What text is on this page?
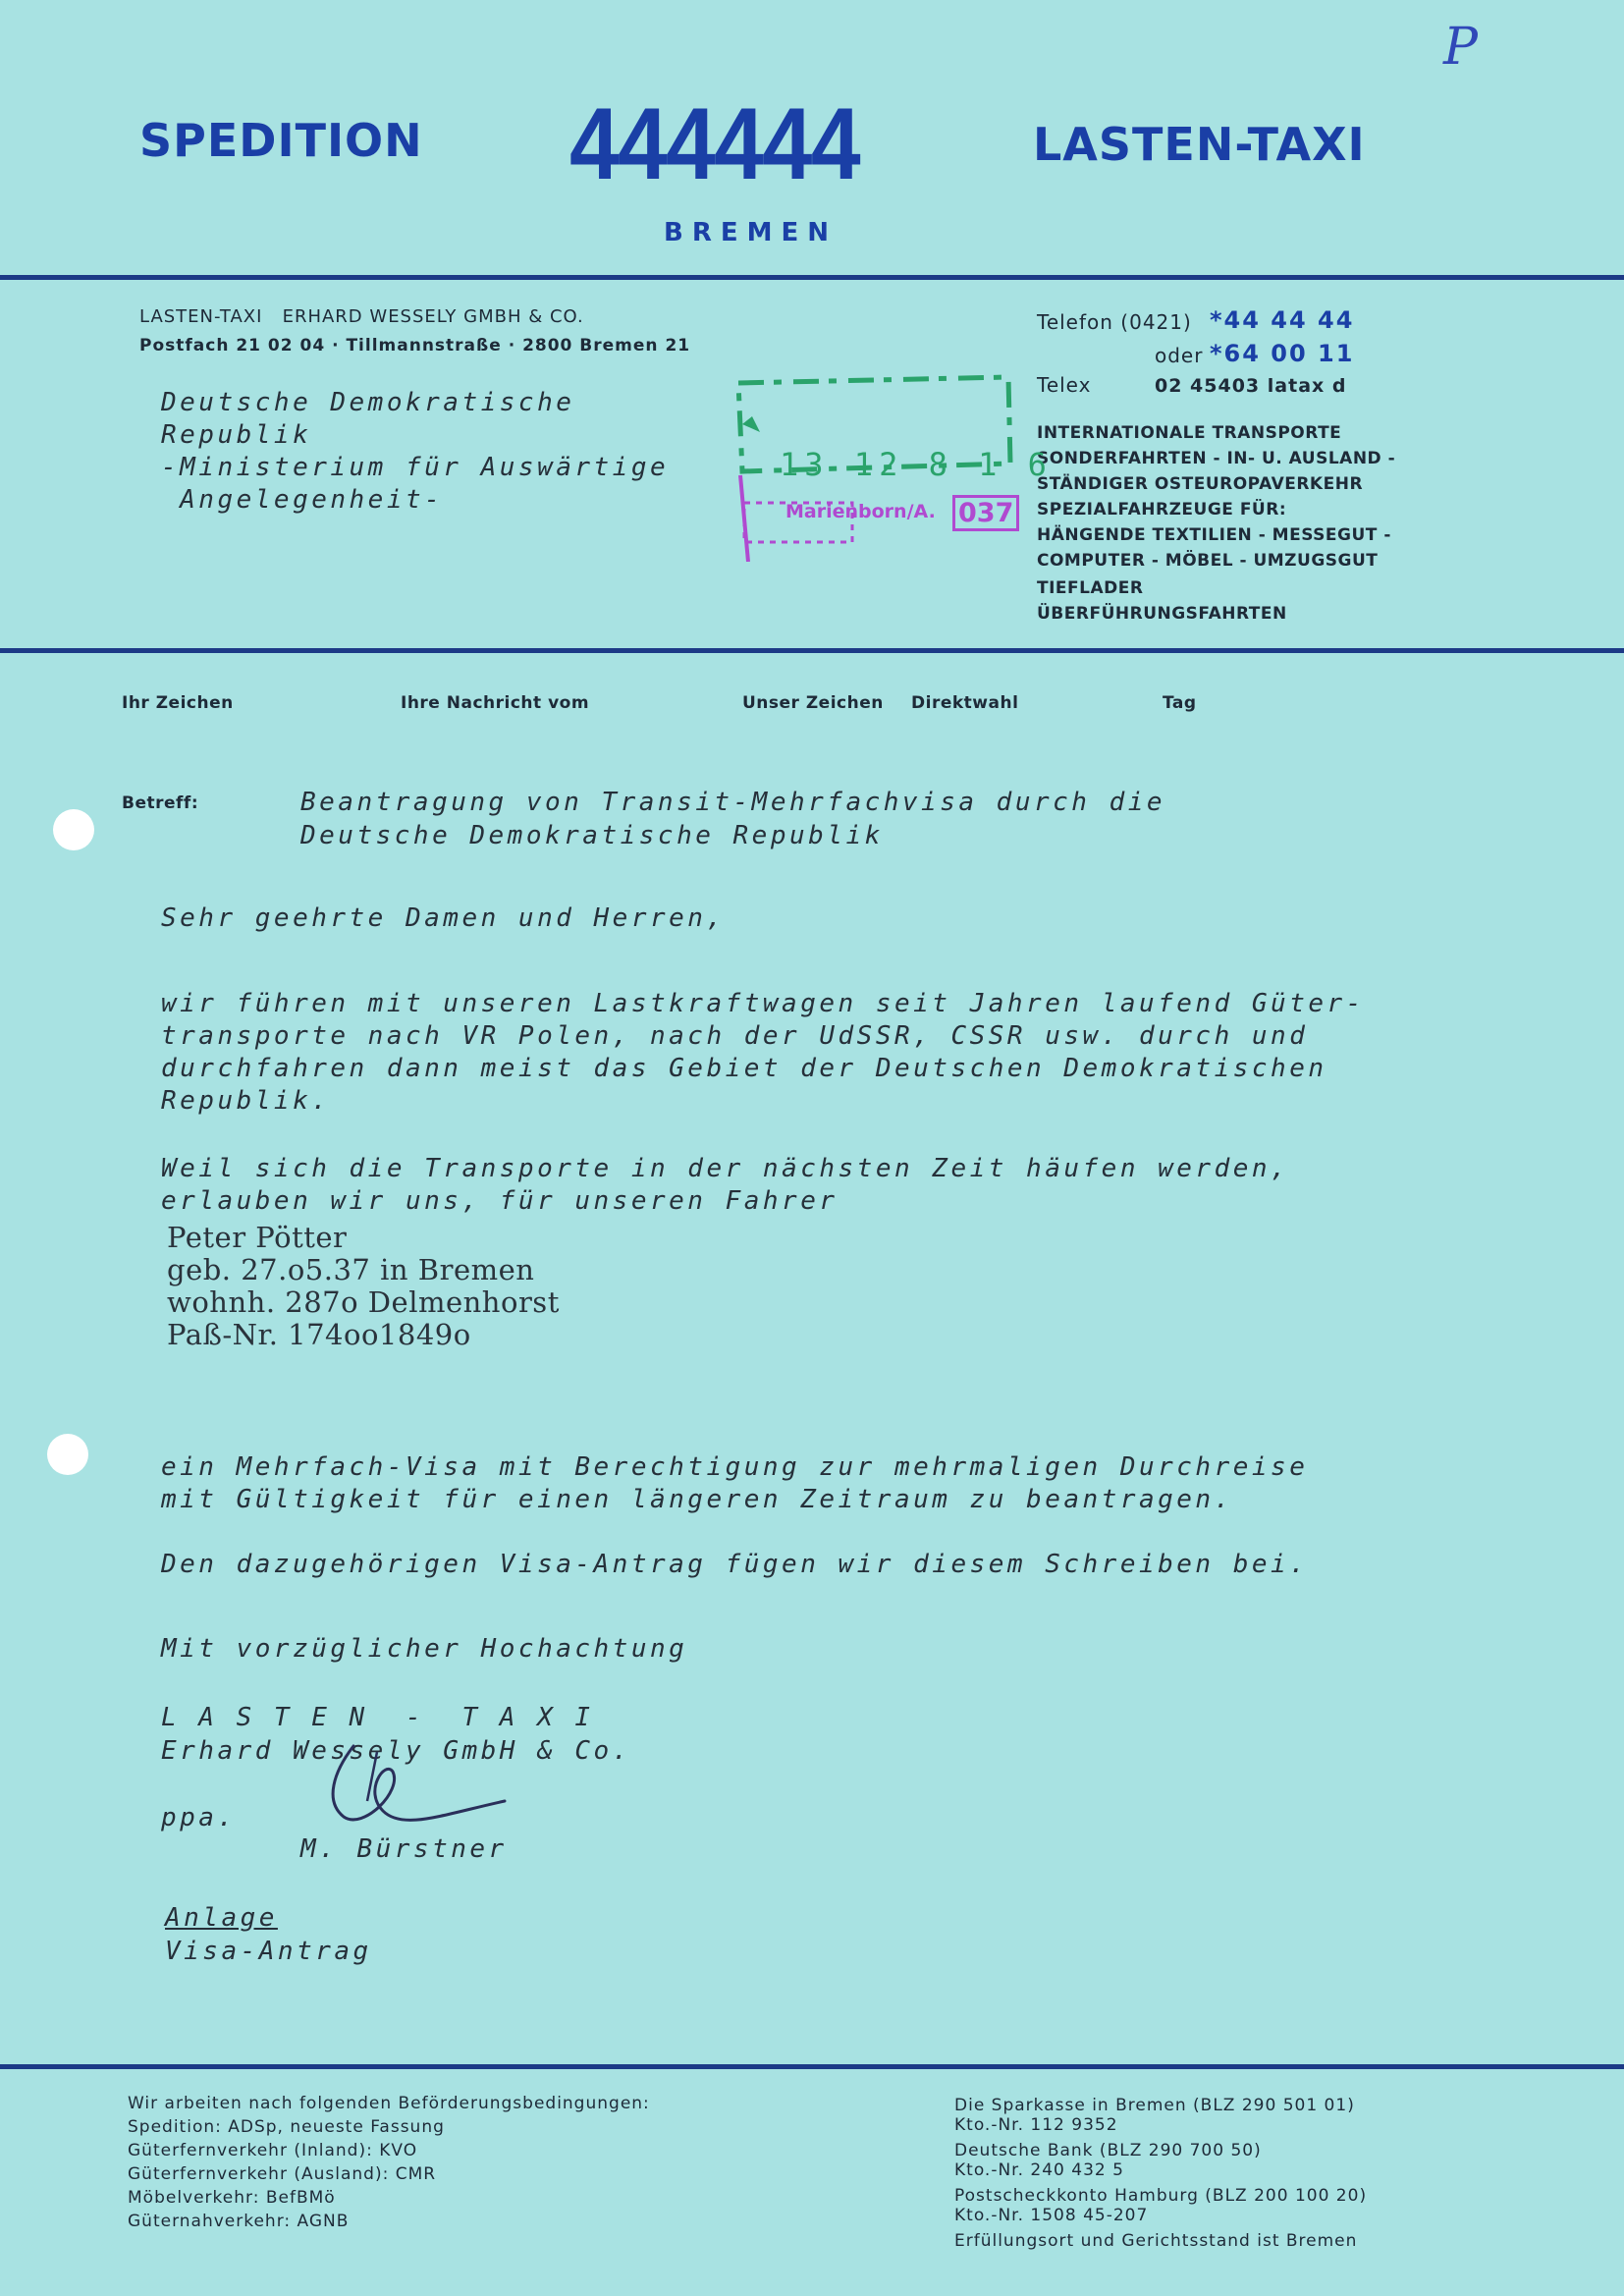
P
SPEDITION 444444	LASTEN-TAXI
BREMEN
LASTEN-TAXI   ERHARD WESSELY GMBH & CO.
Postfach 21 02 04 · Tillmannstraße · 2800 Bremen 21
Telefon (0421) *44 44 44
oder *64 00 11
Telex	02 45403 latax d
INTERNATIONALE TRANSPORTE
SONDERFAHRTEN - IN- U. AUSLAND -
STÄNDIGER OSTEUROPAVERKEHR
SPEZIALFAHRZEUGE FÜR:
HÄNGENDE TEXTILIEN - MESSEGUT -
COMPUTER - MÖBEL - UMZUGSGUT
TIEFLADER
ÜBERFÜHRUNGSFAHRTEN
Deutsche Demokratische
Republik
-Ministerium für Auswärtige
Angelegenheit-
13 12 8 1 6
Marienborn/A. 037
Ihr Zeichen	Ihre Nachricht vom	Unser Zeichen Direktwahl	Tag
Betreff:	Beantragung von Transit-Mehrfachvisa durch die
Deutsche Demokratische Republik
Sehr geehrte Damen und Herren,
wir führen mit unseren Lastkraftwagen seit Jahren laufend Güter-
transporte nach VR Polen, nach der UdSSR, CSSR usw. durch und
durchfahren dann meist das Gebiet der Deutschen Demokratischen
Republik.
Weil sich die Transporte in der nächsten Zeit häufen werden,
erlauben wir uns, für unseren Fahrer
Peter Pötter
geb. 27.o5.37 in Bremen
wohnh. 287o Delmenhorst
Paß-Nr. 174oo1849o
ein Mehrfach-Visa mit Berechtigung zur mehrmaligen Durchreise
mit Gültigkeit für einen längeren Zeitraum zu beantragen.
Den dazugehörigen Visa-Antrag fügen wir diesem Schreiben bei.
Mit vorzüglicher Hochachtung
L A S T E N  -  T A X I
Erhard Wessely GmbH & Co.
ppa.
M. Bürstner
Anlage
Visa-Antrag
Wir arbeiten nach folgenden Beförderungsbedingungen:
Spedition: ADSp, neueste Fassung
Güterfernverkehr (Inland): KVO
Güterfernverkehr (Ausland): CMR
Möbelverkehr: BefBMö
Güternahverkehr: AGNB
Die Sparkasse in Bremen (BLZ 290 501 01)
Kto.-Nr. 112 9352
Deutsche Bank (BLZ 290 700 50)
Kto.-Nr. 240 432 5
Postscheckkonto Hamburg (BLZ 200 100 20)
Kto.-Nr. 1508 45-207
Erfüllungsort und Gerichtsstand ist Bremen
